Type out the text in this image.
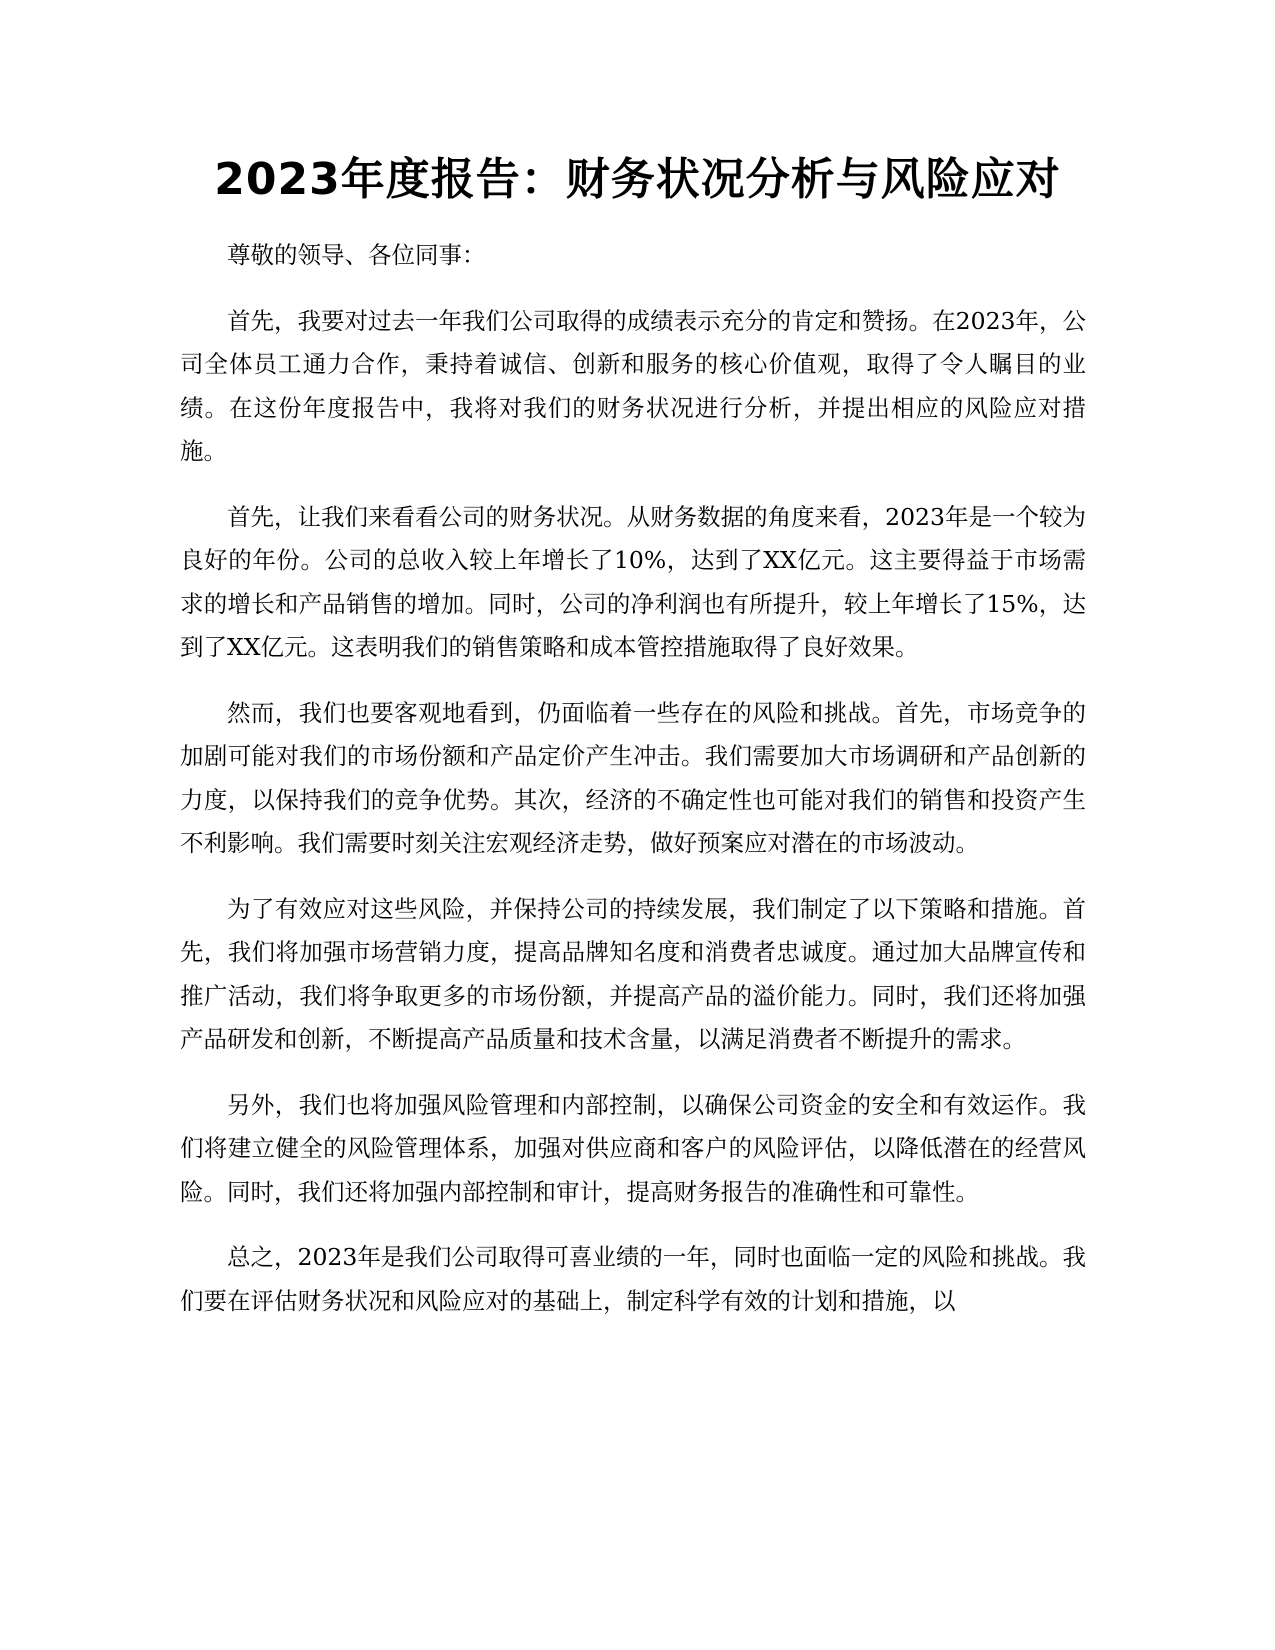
2023年度报告：财务状况分析与风险应对

尊敬的领导、各位同事：

首先，我要对过去一年我们公司取得的成绩表示充分的肯定和赞扬。在2023年，公司全体员工通力合作，秉持着诚信、创新和服务的核心价值观，取得了令人瞩目的业绩。在这份年度报告中，我将对我们的财务状况进行分析，并提出相应的风险应对措施。

首先，让我们来看看公司的财务状况。从财务数据的角度来看，2023年是一个较为良好的年份。公司的总收入较上年增长了10%，达到了XX亿元。这主要得益于市场需求的增长和产品销售的增加。同时，公司的净利润也有所提升，较上年增长了15%，达到了XX亿元。这表明我们的销售策略和成本管控措施取得了良好效果。

然而，我们也要客观地看到，仍面临着一些存在的风险和挑战。首先，市场竞争的加剧可能对我们的市场份额和产品定价产生冲击。我们需要加大市场调研和产品创新的力度，以保持我们的竞争优势。其次，经济的不确定性也可能对我们的销售和投资产生不利影响。我们需要时刻关注宏观经济走势，做好预案应对潜在的市场波动。

为了有效应对这些风险，并保持公司的持续发展，我们制定了以下策略和措施。首先，我们将加强市场营销力度，提高品牌知名度和消费者忠诚度。通过加大品牌宣传和推广活动，我们将争取更多的市场份额，并提高产品的溢价能力。同时，我们还将加强产品研发和创新，不断提高产品质量和技术含量，以满足消费者不断提升的需求。

另外，我们也将加强风险管理和内部控制，以确保公司资金的安全和有效运作。我们将建立健全的风险管理体系，加强对供应商和客户的风险评估，以降低潜在的经营风险。同时，我们还将加强内部控制和审计，提高财务报告的准确性和可靠性。

总之，2023年是我们公司取得可喜业绩的一年，同时也面临一定的风险和挑战。我们要在评估财务状况和风险应对的基础上，制定科学有效的计划和措施，以
